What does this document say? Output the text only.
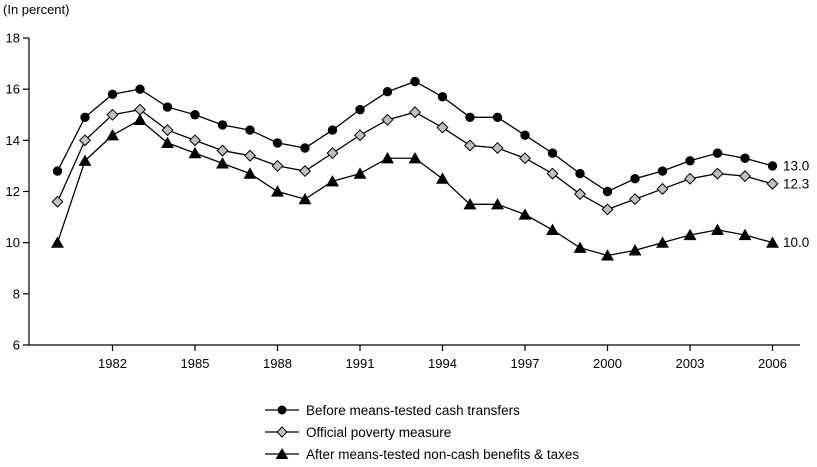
(In percent)
6
8
10
12
14
16
18
1982	1985	1988	1991	1994	1997	2000	2003	2006
13.0
12.3
10.0
Before means-tested cash transfers
Official poverty measure
After means-tested non-cash benefits & taxes
